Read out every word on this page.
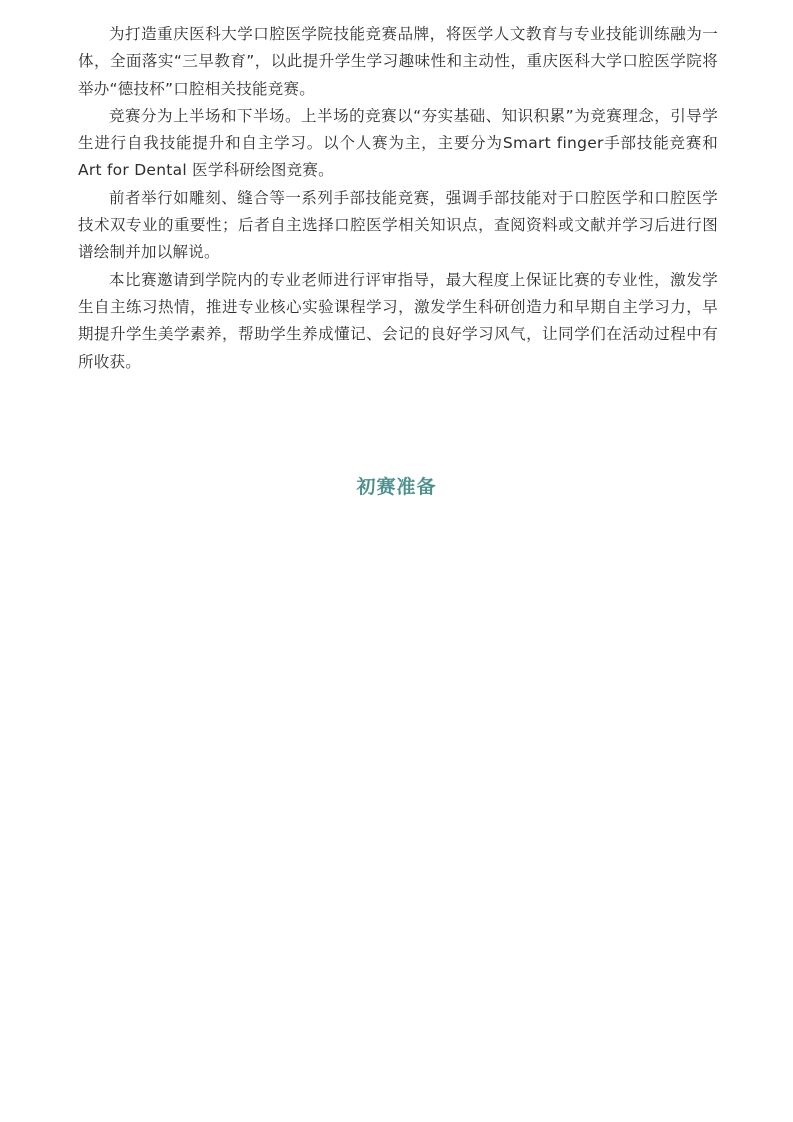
为打造重庆医科大学口腔医学院技能竞赛品牌，将医学人文教育与专业技能训练融为一体，全面落实“三早教育”，以此提升学生学习趣味性和主动性，重庆医科大学口腔医学院将举办“德技杯”口腔相关技能竞赛。

竞赛分为上半场和下半场。上半场的竞赛以“夯实基础、知识积累”为竞赛理念，引导学生进行自我技能提升和自主学习。以个人赛为主，主要分为Smart finger手部技能竞赛和Art for Dental 医学科研绘图竞赛。

前者举行如雕刻、缝合等一系列手部技能竞赛，强调手部技能对于口腔医学和口腔医学技术双专业的重要性；后者自主选择口腔医学相关知识点，查阅资料或文献并学习后进行图谱绘制并加以解说。

本比赛邀请到学院内的专业老师进行评审指导，最大程度上保证比赛的专业性，激发学生自主练习热情，推进专业核心实验课程学习，激发学生科研创造力和早期自主学习力，早期提升学生美学素养，帮助学生养成懂记、会记的良好学习风气，让同学们在活动过程中有所收获。

初赛准备
